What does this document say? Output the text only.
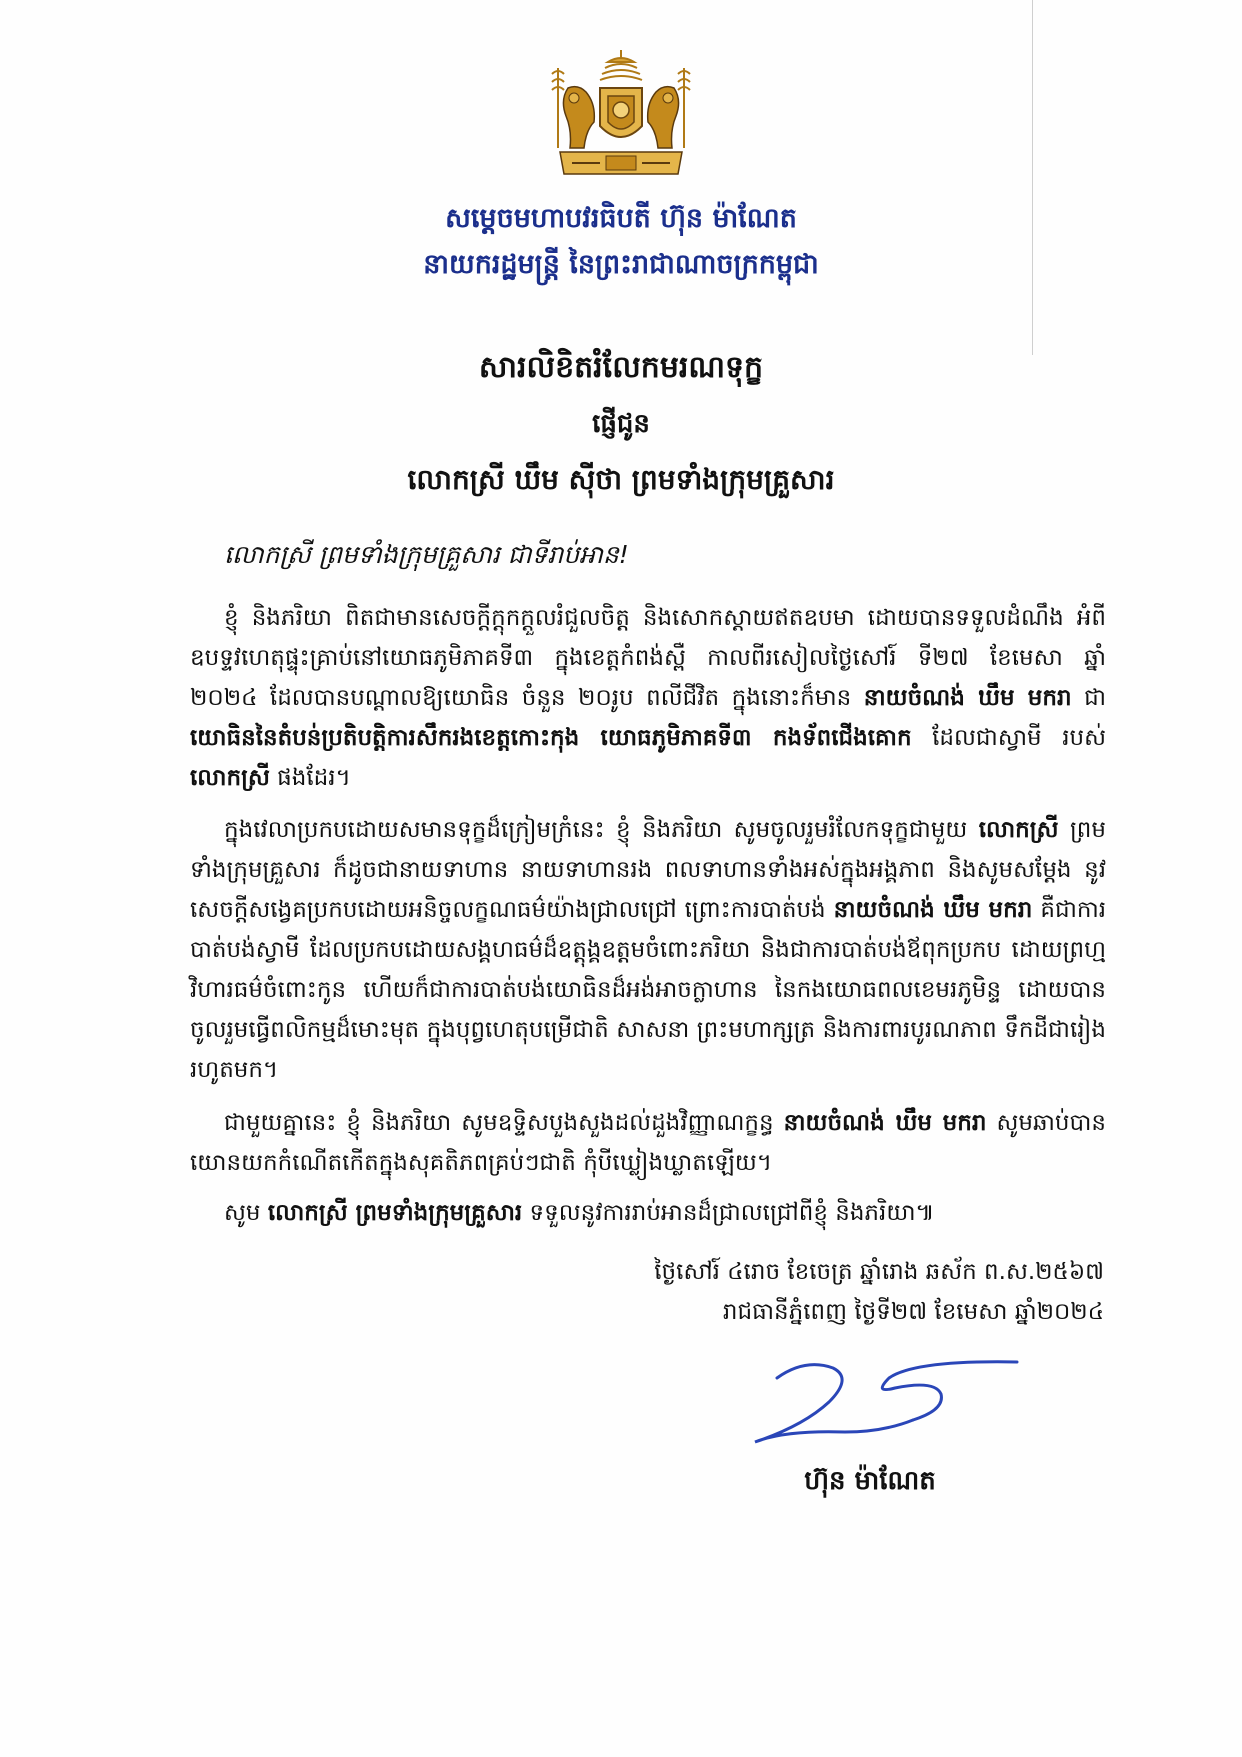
សម្តេចមហាបវរធិបតី ហ៊ុន ម៉ាណែត
នាយករដ្ឋមន្ត្រី នៃព្រះរាជាណាចក្រកម្ពុជា
សារលិខិតរំលែកមរណទុក្ខ
ផ្ញើជូន
លោកស្រី ឃឹម ស៊ីថា ព្រមទាំងក្រុមគ្រួសារ
លោកស្រី ព្រមទាំងក្រុមគ្រួសារ ជាទីរាប់អាន!

ខ្ញុំ និងភរិយា ពិតជាមានសេចក្តីក្តុកក្តួលរំជួលចិត្ត និងសោកស្តាយឥតឧបមា ដោយបានទទួលដំណឹង អំពីឧបទ្ទវហេតុផ្ទុះគ្រាប់នៅយោធភូមិភាគទី៣ ក្នុងខេត្តកំពង់ស្ពឺ កាលពីរសៀលថ្ងៃសៅរ៍ ទី២៧ ខែមេសា ឆ្នាំ ២០២៤ ដែលបានបណ្តាលឱ្យយោធិន ចំនួន ២០រូប ពលីជីវិត ក្នុងនោះក៏មាន នាយចំណង់ ឃឹម មករា ជា យោធិននៃតំបន់ប្រតិបត្តិការសឹករងខេត្តកោះកុង យោធភូមិភាគទី៣ កងទ័ពជើងគោក ដែលជាស្វាមី របស់ លោកស្រី ផងដែរ។

ក្នុងវេលាប្រកបដោយសមានទុក្ខដ៏ក្រៀមក្រំនេះ ខ្ញុំ និងភរិយា សូមចូលរួមរំលែកទុក្ខជាមួយ លោកស្រី ព្រមទាំងក្រុមគ្រួសារ ក៏ដូចជានាយទាហាន នាយទាហានរង ពលទាហានទាំងអស់ក្នុងអង្គភាព និងសូមសម្តែង នូវសេចក្តីសង្វេគប្រកបដោយអនិច្ចលក្ខណធម៌យ៉ាងជ្រាលជ្រៅ ព្រោះការបាត់បង់ នាយចំណង់ ឃឹម មករា គឺជាការបាត់បង់ស្វាមី ដែលប្រកបដោយសង្គហធម៌ដ៏ឧត្តុង្គឧត្តមចំពោះភរិយា និងជាការបាត់បង់ឪពុកប្រកប ដោយព្រហ្មវិហារធម៌ចំពោះកូន ហើយក៏ជាការបាត់បង់យោធិនដ៏អង់អាចក្លាហាន នៃកងយោធពលខេមរភូមិន្ទ ដោយបានចូលរួមធ្វើពលិកម្មដ៏មោះមុត ក្នុងបុព្វហេតុបម្រើជាតិ សាសនា ព្រះមហាក្សត្រ និងការពារបូរណភាព ទឹកដីជារៀងរហូតមក។

ជាមួយគ្នានេះ ខ្ញុំ និងភរិយា សូមឧទ្ទិសបួងសួងដល់ដួងវិញ្ញាណក្ខន្ធ នាយចំណង់ ឃឹម មករា សូមឆាប់បានយោនយកកំណើតកើតក្នុងសុគតិភពគ្រប់ៗជាតិ កុំបីឃ្លៀងឃ្លាតឡើយ។

សូម លោកស្រី ព្រមទាំងក្រុមគ្រួសារ ទទួលនូវការរាប់អានដ៏ជ្រាលជ្រៅពីខ្ញុំ និងភរិយា៕

ថ្ងៃសៅរ៍ ៤រោច ខែចេត្រ ឆ្នាំរោង ឆស័ក ព.ស.២៥៦៧
រាជធានីភ្នំពេញ ថ្ងៃទី២៧ ខែមេសា ឆ្នាំ២០២៤
ហ៊ុន ម៉ាណែត
